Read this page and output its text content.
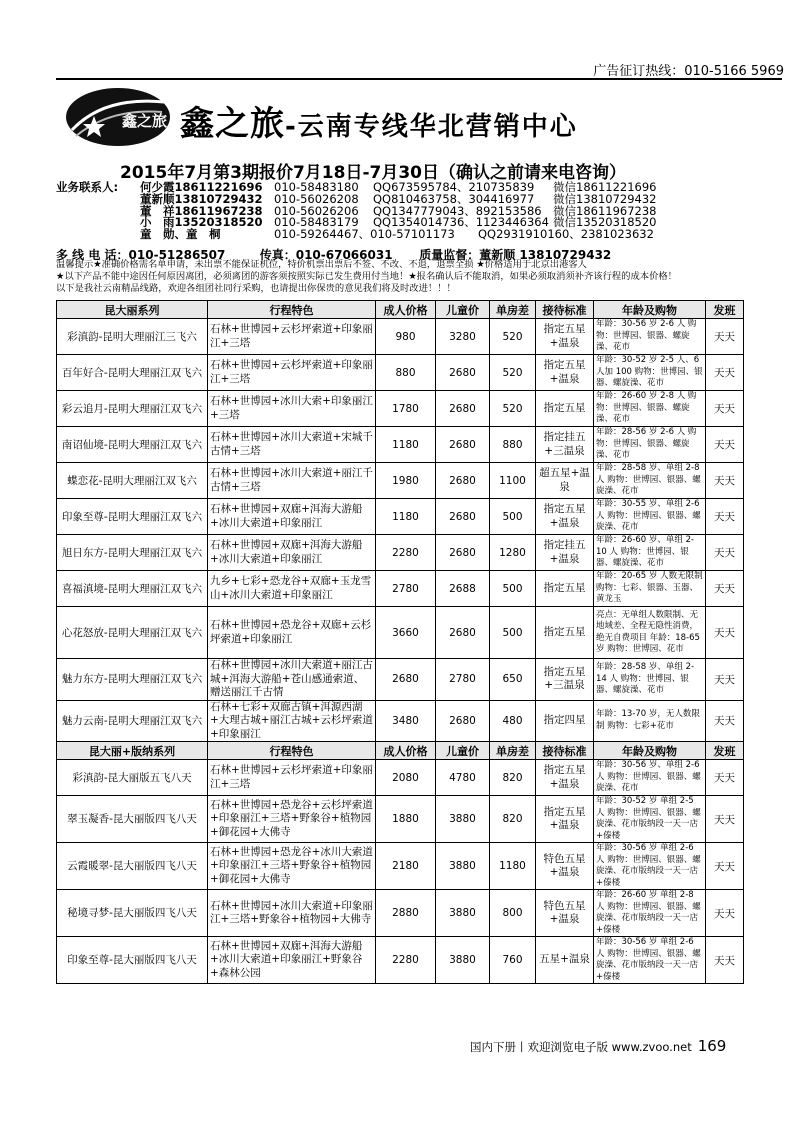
广告征订热线：010-5166 5969
鑫之旅 鑫之旅-云南专线华北营销中心
2015年7月第3期报价7月18日-7月30日（确认之前请来电咨询）
业务联系人:	何少霞18611221696 010-58483180	QQ673595784、210735839	微信18611221696
董新顺13810729432 010-56026208	QQ810463758、304416977	微信13810729432
董　祥18611967238 010-56026206	QQ1347779043、892153586 微信18611967238
小　雨13520318520 010-58483179	QQ1354014736、1123446364 微信13520318520
童　勋、童　桐	010-59264467、010-57101173	QQ2931910160、2381023632
多 线 电 话：010-51286507	传真：010-67066031 质量监督：董新顺 13810729432
温馨提示★准确价格需名单申请，未出票不能保证机位，特价机票出票后不签、不改、不退，退票全损 ★价格适用于北京出港客人
★以下产品不能中途因任何原因离团，必须离团的游客须按照实际已发生费用付当地！★报名确认后不能取消，如果必须取消须补齐该行程的成本价格！
以下是我社云南精品线路，欢迎各组团社同行采购，也请提出你保贵的意见我们将及时改进！！！
昆大丽系列	行程特色	成人价格	儿童价	单房差	接待标准	年龄及购物	发班
彩滇韵-昆明大理丽江三飞六	石林+世博园+云杉坪索道+印象丽江+三塔	980	3280	520	指定五星+温泉	年龄：30-56 岁 2-6 人 购物：世博园、银器、螺旋澡、花市	天天
百年好合-昆明大理丽江双飞六	石林+世博园+云杉坪索道+印象丽江+三塔	880	2680	520	指定五星+温泉	年龄：30-52 岁 2-5 人、6 人加 100 购物：世博园、银器、螺旋澡、花市	天天
彩云追月-昆明大理丽江双飞六	石林+世博园+冰川大索+印象丽江+三塔	1780	2680	520	指定五星	年龄：26-60 岁 2-8 人 购物：世博园、银器、螺旋澡、花市	天天
南诏仙境-昆明大理丽江双飞六	石林+世博园+冰川大索道+宋城千古情+三塔	1180	2680	880	指定挂五+三温泉	年龄：28-56 岁 2-6 人 购物：世博园、银器、螺旋澡、花市	天天
蝶恋花-昆明大理丽江双飞六	石林+世博园+冰川大索道+丽江千古情+三塔	1980	2680	1100	超五星+温泉	年龄：28-58 岁、单组 2-8 人 购物：世博园、银器、螺旋澡、花市	天天
印象至尊-昆明大理丽江双飞六	石林+世博园+双廊+洱海大游船+冰川大索道+印象丽江	1180	2680	500	指定五星+温泉	年龄：30-55 岁、单组 2-6 人 购物：世博园、银器、螺旋澡、花市	天天
旭日东方-昆明大理丽江双飞六	石林+世博园+双廊+洱海大游船+冰川大索道+印象丽江	2280	2680	1280	指定挂五+温泉	年龄：26-60 岁、单组 2-10 人 购物：世博园、银器、螺旋澡、花市	天天
喜福滇境-昆明大理丽江双飞六	九乡+七彩+恐龙谷+双廊+玉龙雪山+冰川大索道+印象丽江	2780	2688	500	指定五星	年龄：20-65 岁 人数无限制 购物：七彩、银器、玉器、黄龙玉	天天
心花怒放-昆明大理丽江双飞六	石林+世博园+恐龙谷+双廊+云杉坪索道+印象丽江	3660	2680	500	指定五星	亮点：无单组人数限制、无地域差、全程无隐性消费，绝无自费项目 年龄：18-65 岁 购物：世博园、花市	天天
魅力东方-昆明大理丽江双飞六	石林+世博园+冰川大索道+丽江古城+洱海大游船+苍山感通索道、赠送丽江千古情	2680	2780	650	指定五星+三温泉	年龄：28-58 岁、单组 2-14 人 购物：世博园、银器、螺旋澡、花市	天天
魅力云南-昆明大理丽江双飞六	石林+七彩+双廊古镇+洱源西湖+大理古城+丽江古城+云杉坪索道+印象丽江	3480	2680	480	指定四星	年龄：13-70 岁，无人数限制 购物：七彩+花市	天天
昆大丽+版纳系列	行程特色	成人价格	儿童价	单房差	接待标准	年龄及购物	发班
彩滇韵-昆大丽版五飞八天	石林+世博园+云杉坪索道+印象丽江+三塔	2080	4780	820	指定五星+温泉	年龄：30-56 岁、单组 2-6 人 购物：世博园、银器、螺旋澡、花市	天天
翠玉凝香-昆大丽版四飞八天	石林+世博园+恐龙谷+云杉坪索道+印象丽江+三塔+野象谷+植物园+御花园+大佛寺	1880	3880	820	指定五星+温泉	年龄：30-52 岁 单组 2-5 人 购物：世博园、银器、螺旋澡、花市版纳段一天一店+傣楼	天天
云霞暖翠-昆大丽版四飞八天	石林+世博园+恐龙谷+冰川大索道+印象丽江+三塔+野象谷+植物园+御花园+大佛寺	2180	3880	1180	特色五星+温泉	年龄：30-56 岁 单组 2-6 人 购物：世博园、银器、螺旋澡、花市版纳段一天一店+傣楼	天天
秘境寻梦-昆大丽版四飞八天	石林+世博园+冰川大索道+印象丽江+三塔+野象谷+植物园+大佛寺	2880	3880	800	特色五星+温泉	年龄：26-60 岁 单组 2-8 人 购物：世博园、银器、螺旋澡、花市版纳段一天一店+傣楼	天天
印象至尊-昆大丽版四飞八天	石林+世博园+双廊+洱海大游船+冰川大索道+印象丽江+野象谷+森林公园	2280	3880	760	五星+温泉	年龄：30-56 岁 单组 2-6 人 购物：世博园、银器、螺旋澡、花市版纳段一天一店+傣楼	天天
国内下册丨欢迎浏览电子版 www.zvoo.net 169
